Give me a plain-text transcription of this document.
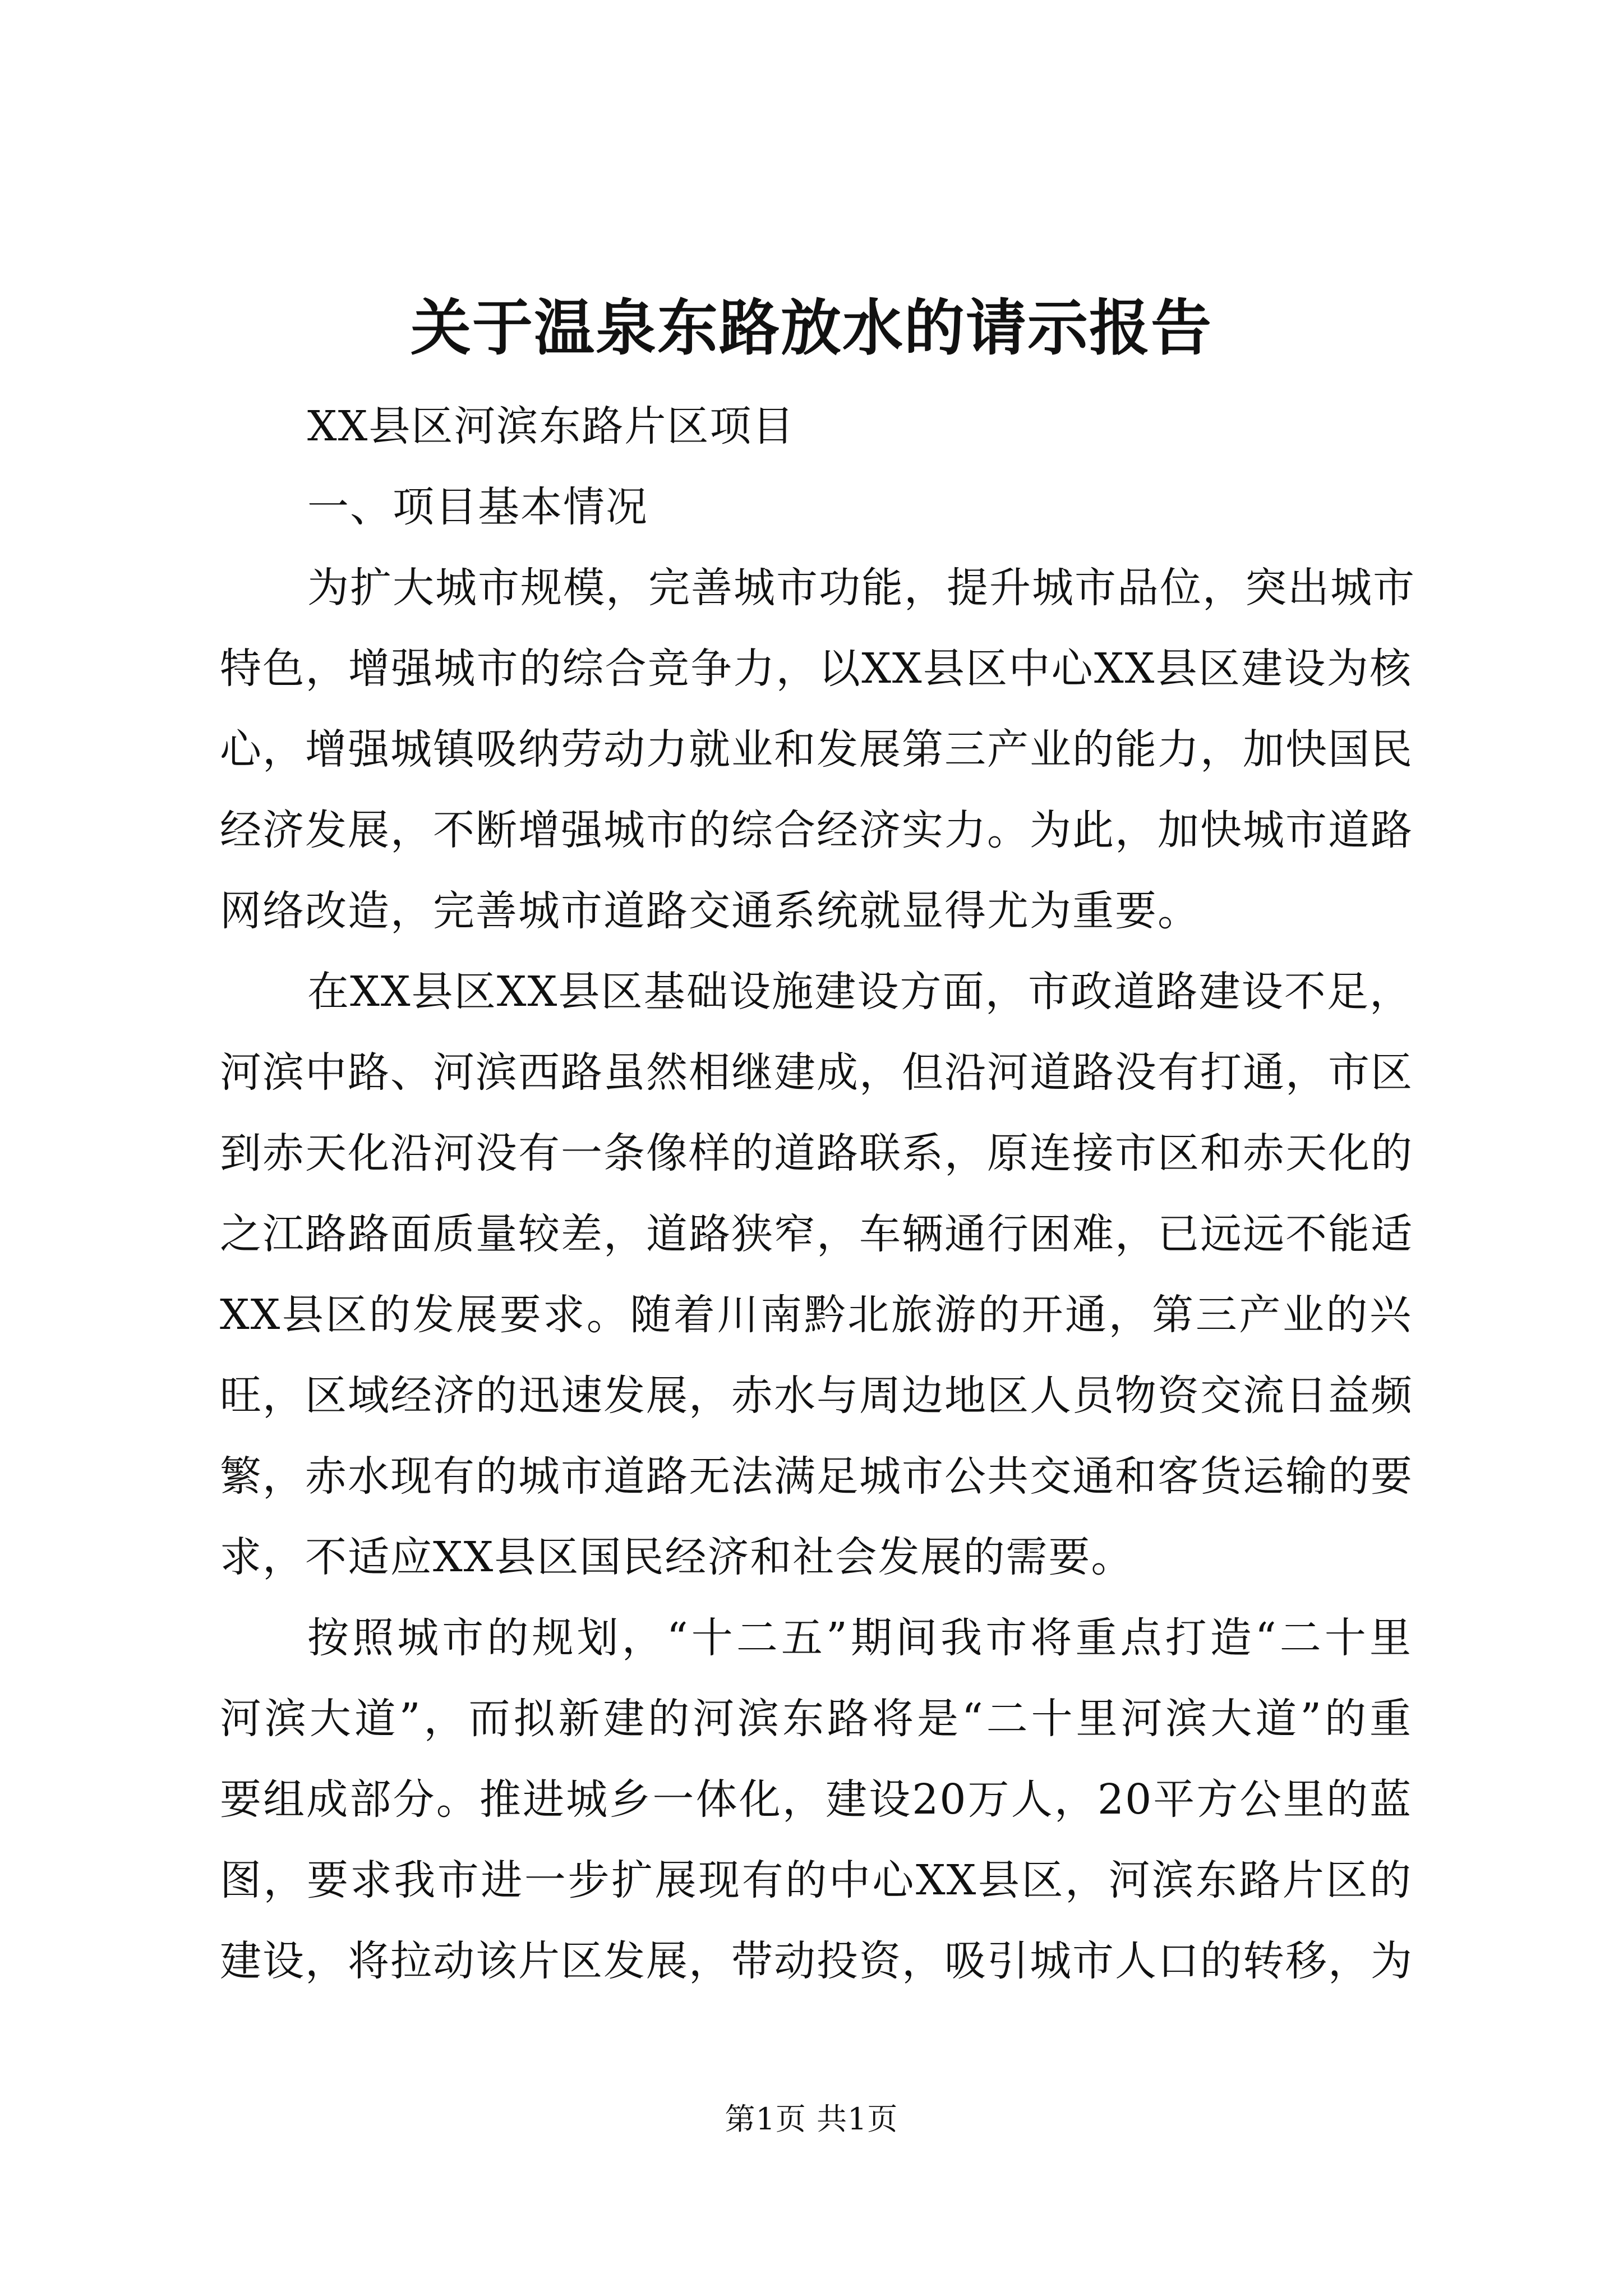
关于温泉东路放水的请示报告
XX县区河滨东路片区项目
一、项目基本情况
为扩大城市规模，完善城市功能，提升城市品位，突出城市
特色，增强城市的综合竞争力，以XX县区中心XX县区建设为核
心，增强城镇吸纳劳动力就业和发展第三产业的能力，加快国民
经济发展，不断增强城市的综合经济实力。为此，加快城市道路
网络改造，完善城市道路交通系统就显得尤为重要。
在XX县区XX县区基础设施建设方面，市政道路建设不足，
河滨中路、河滨西路虽然相继建成，但沿河道路没有打通，市区
到赤天化沿河没有一条像样的道路联系，原连接市区和赤天化的
之江路路面质量较差，道路狭窄，车辆通行困难，已远远不能适
XX县区的发展要求。随着川南黔北旅游的开通，第三产业的兴
旺，区域经济的迅速发展，赤水与周边地区人员物资交流日益频
繁，赤水现有的城市道路无法满足城市公共交通和客货运输的要
求，不适应XX县区国民经济和社会发展的需要。
按照城市的规划，“十二五”期间我市将重点打造“二十里
河滨大道”，而拟新建的河滨东路将是“二十里河滨大道”的重
要组成部分。推进城乡一体化，建设20万人，20平方公里的蓝
图，要求我市进一步扩展现有的中心XX县区，河滨东路片区的
建设，将拉动该片区发展，带动投资，吸引城市人口的转移，为
第1页 共1页
